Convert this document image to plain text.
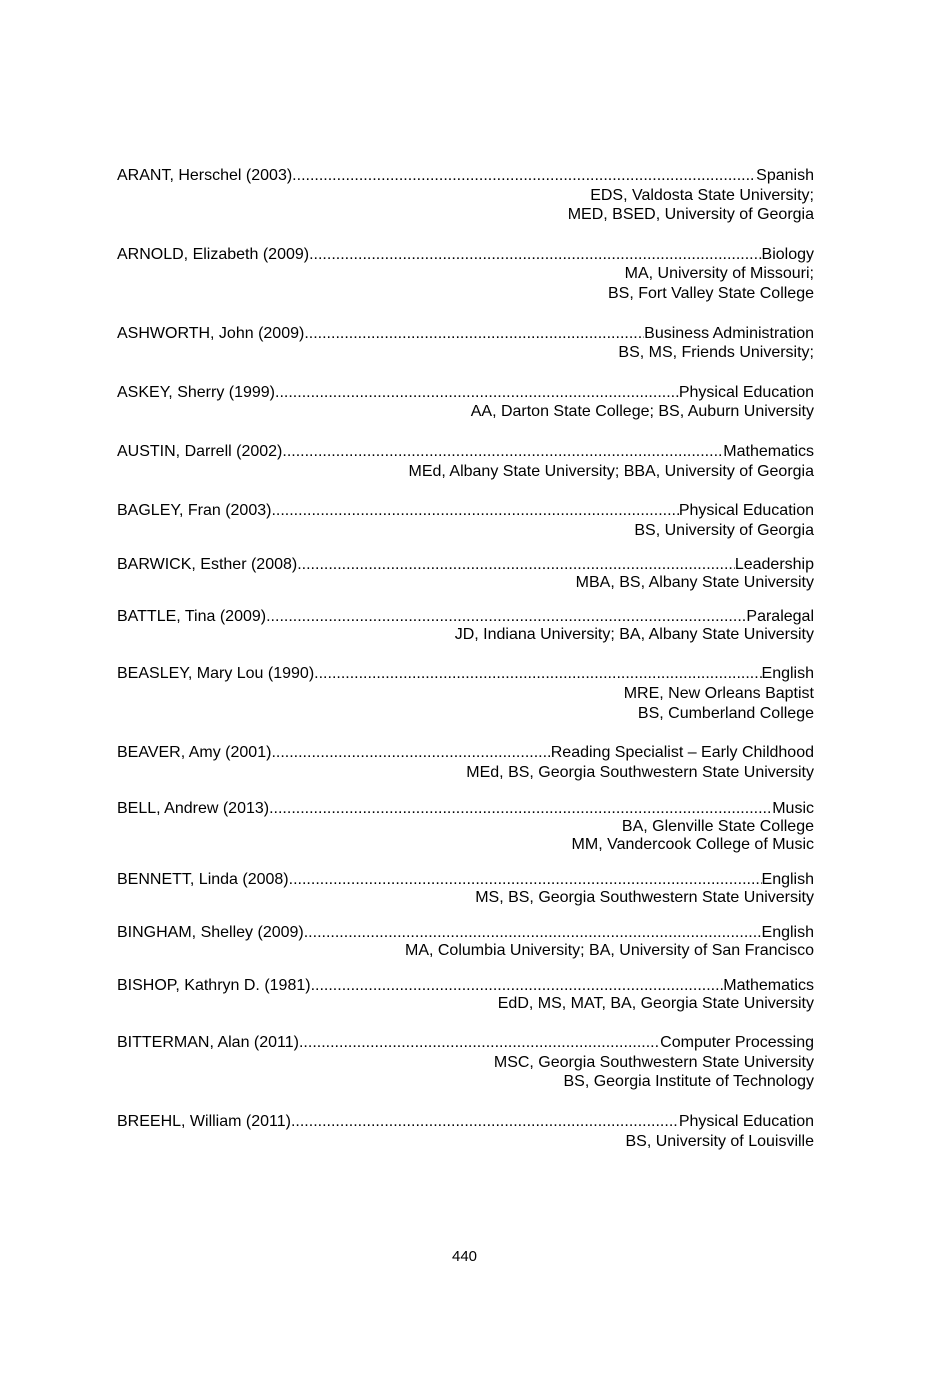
ARANT, Herschel (2003) .....	Spanish
EDS, Valdosta State University;
MED, BSED, University of Georgia
ARNOLD, Elizabeth (2009) .....	Biology
MA, University of Missouri;
BS, Fort Valley State College
ASHWORTH, John (2009) .....	Business Administration
BS, MS, Friends University;
ASKEY, Sherry (1999) .....	Physical Education
AA, Darton State College; BS, Auburn University
AUSTIN, Darrell (2002) .....	Mathematics
MEd, Albany State University; BBA, University of Georgia
BAGLEY, Fran (2003) .....	Physical Education
BS, University of Georgia
BARWICK, Esther (2008) .....	Leadership
MBA, BS, Albany State University
BATTLE, Tina (2009) .....	Paralegal
JD, Indiana University; BA, Albany State University
BEASLEY, Mary Lou (1990) .....	English
MRE, New Orleans Baptist
BS, Cumberland College
BEAVER, Amy (2001) .....	Reading Specialist – Early Childhood
MEd, BS, Georgia Southwestern State University
BELL, Andrew (2013) .....	Music
BA, Glenville State College
MM, Vandercook College of Music
BENNETT, Linda (2008) .....	English
MS, BS, Georgia Southwestern State University
BINGHAM, Shelley (2009) .....	English
MA, Columbia University; BA, University of San Francisco
BISHOP, Kathryn D. (1981) .....	Mathematics
EdD, MS, MAT, BA, Georgia State University
BITTERMAN, Alan (2011) .....	Computer Processing
MSC, Georgia Southwestern State University
BS, Georgia Institute of Technology
BREEHL, William (2011) .....	Physical Education
BS, University of Louisville
440
